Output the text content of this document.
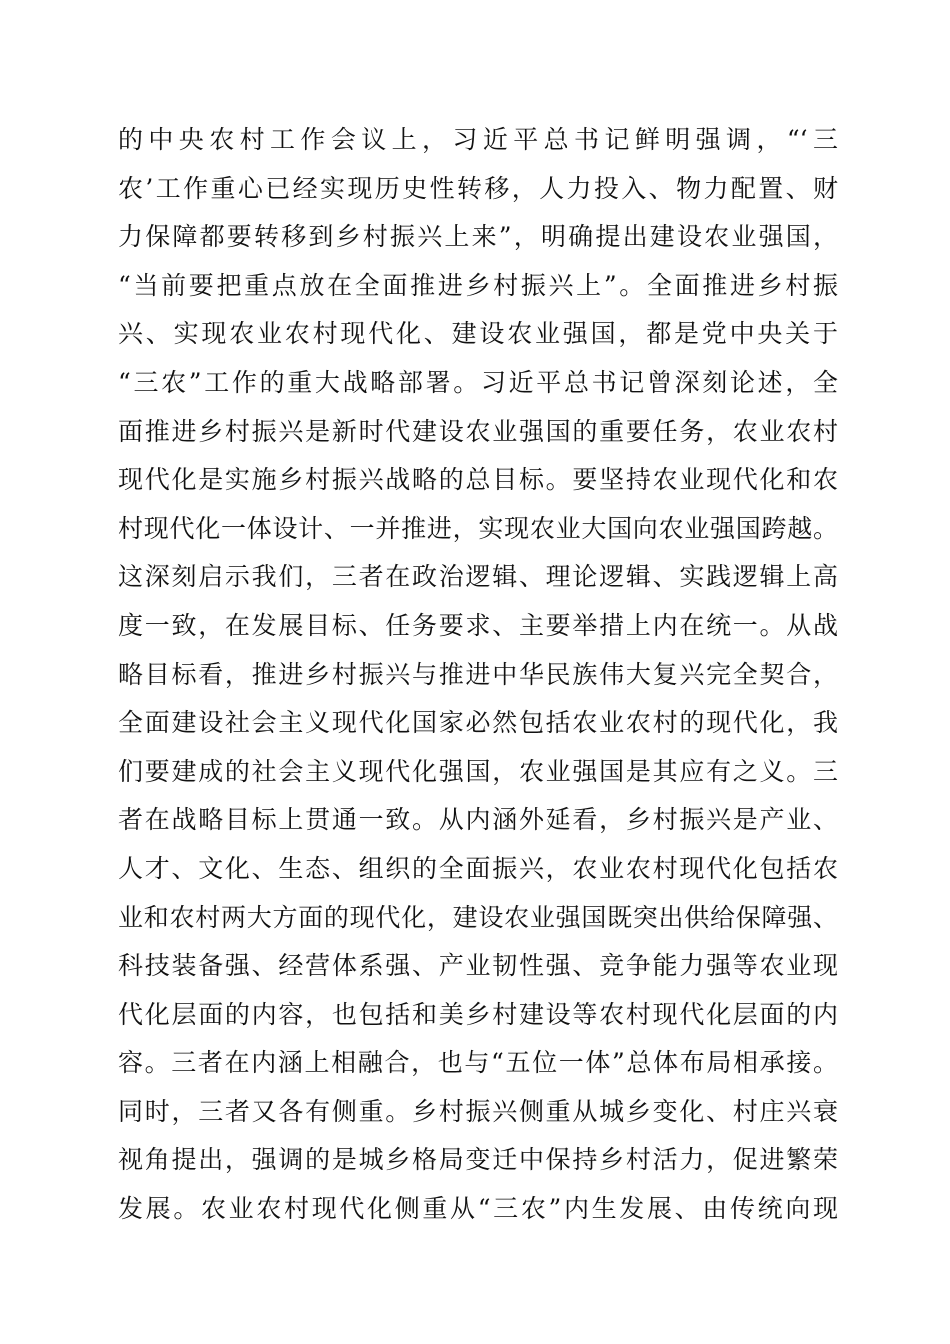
的中央农村工作会议上，习近平总书记鲜明强调，“‘三
农’工作重心已经实现历史性转移，人力投入、物力配置、财
力保障都要转移到乡村振兴上来”，明确提出建设农业强国，
“当前要把重点放在全面推进乡村振兴上”。全面推进乡村振
兴、实现农业农村现代化、建设农业强国，都是党中央关于
“三农”工作的重大战略部署。习近平总书记曾深刻论述，全
面推进乡村振兴是新时代建设农业强国的重要任务，农业农村
现代化是实施乡村振兴战略的总目标。要坚持农业现代化和农
村现代化一体设计、一并推进，实现农业大国向农业强国跨越。
这深刻启示我们，三者在政治逻辑、理论逻辑、实践逻辑上高
度一致，在发展目标、任务要求、主要举措上内在统一。从战
略目标看，推进乡村振兴与推进中华民族伟大复兴完全契合，
全面建设社会主义现代化国家必然包括农业农村的现代化，我
们要建成的社会主义现代化强国，农业强国是其应有之义。三
者在战略目标上贯通一致。从内涵外延看，乡村振兴是产业、
人才、文化、生态、组织的全面振兴，农业农村现代化包括农
业和农村两大方面的现代化，建设农业强国既突出供给保障强、
科技装备强、经营体系强、产业韧性强、竞争能力强等农业现
代化层面的内容，也包括和美乡村建设等农村现代化层面的内
容。三者在内涵上相融合，也与“五位一体”总体布局相承接。
同时，三者又各有侧重。乡村振兴侧重从城乡变化、村庄兴衰
视角提出，强调的是城乡格局变迁中保持乡村活力，促进繁荣
发展。农业农村现代化侧重从“三农”内生发展、由传统向现
